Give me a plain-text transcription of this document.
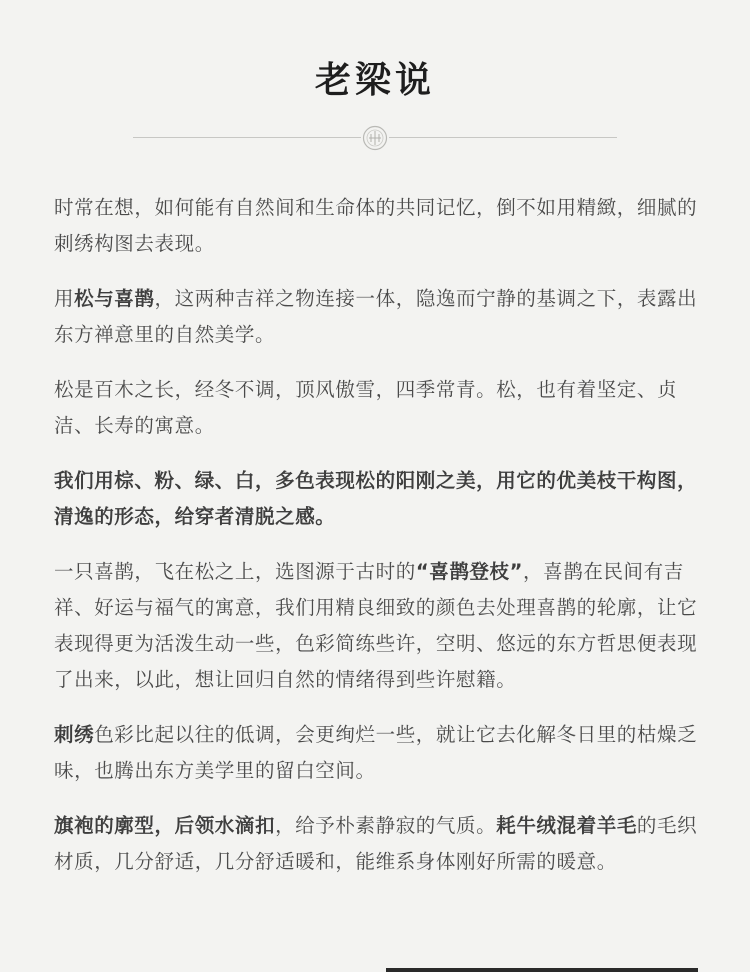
老梁说

时常在想，如何能有自然间和生命体的共同记忆，倒不如用精緻，细腻的刺绣构图去表现。

用松与喜鹊，这两种吉祥之物连接一体，隐逸而宁静的基调之下，表露出东方禅意里的自然美学。

松是百木之长，经冬不调，顶风傲雪，四季常青。松，也有着坚定、贞洁、长寿的寓意。

我们用棕、粉、绿、白，多色表现松的阳刚之美，用它的优美枝干构图，清逸的形态，给穿者清脱之感。

一只喜鹊，飞在松之上，选图源于古时的“喜鹊登枝”，喜鹊在民间有吉祥、好运与福气的寓意，我们用精良细致的颜色去处理喜鹊的轮廓，让它表现得更为活泼生动一些，色彩简练些许，空明、悠远的东方哲思便表现了出来，以此，想让回归自然的情绪得到些许慰籍。

刺绣色彩比起以往的低调，会更绚烂一些，就让它去化解冬日里的枯燥乏味，也腾出东方美学里的留白空间。

旗袍的廓型，后领水滴扣，给予朴素静寂的气质。耗牛绒混着羊毛的毛织材质，几分舒适，几分舒适暖和，能维系身体刚好所需的暖意。
